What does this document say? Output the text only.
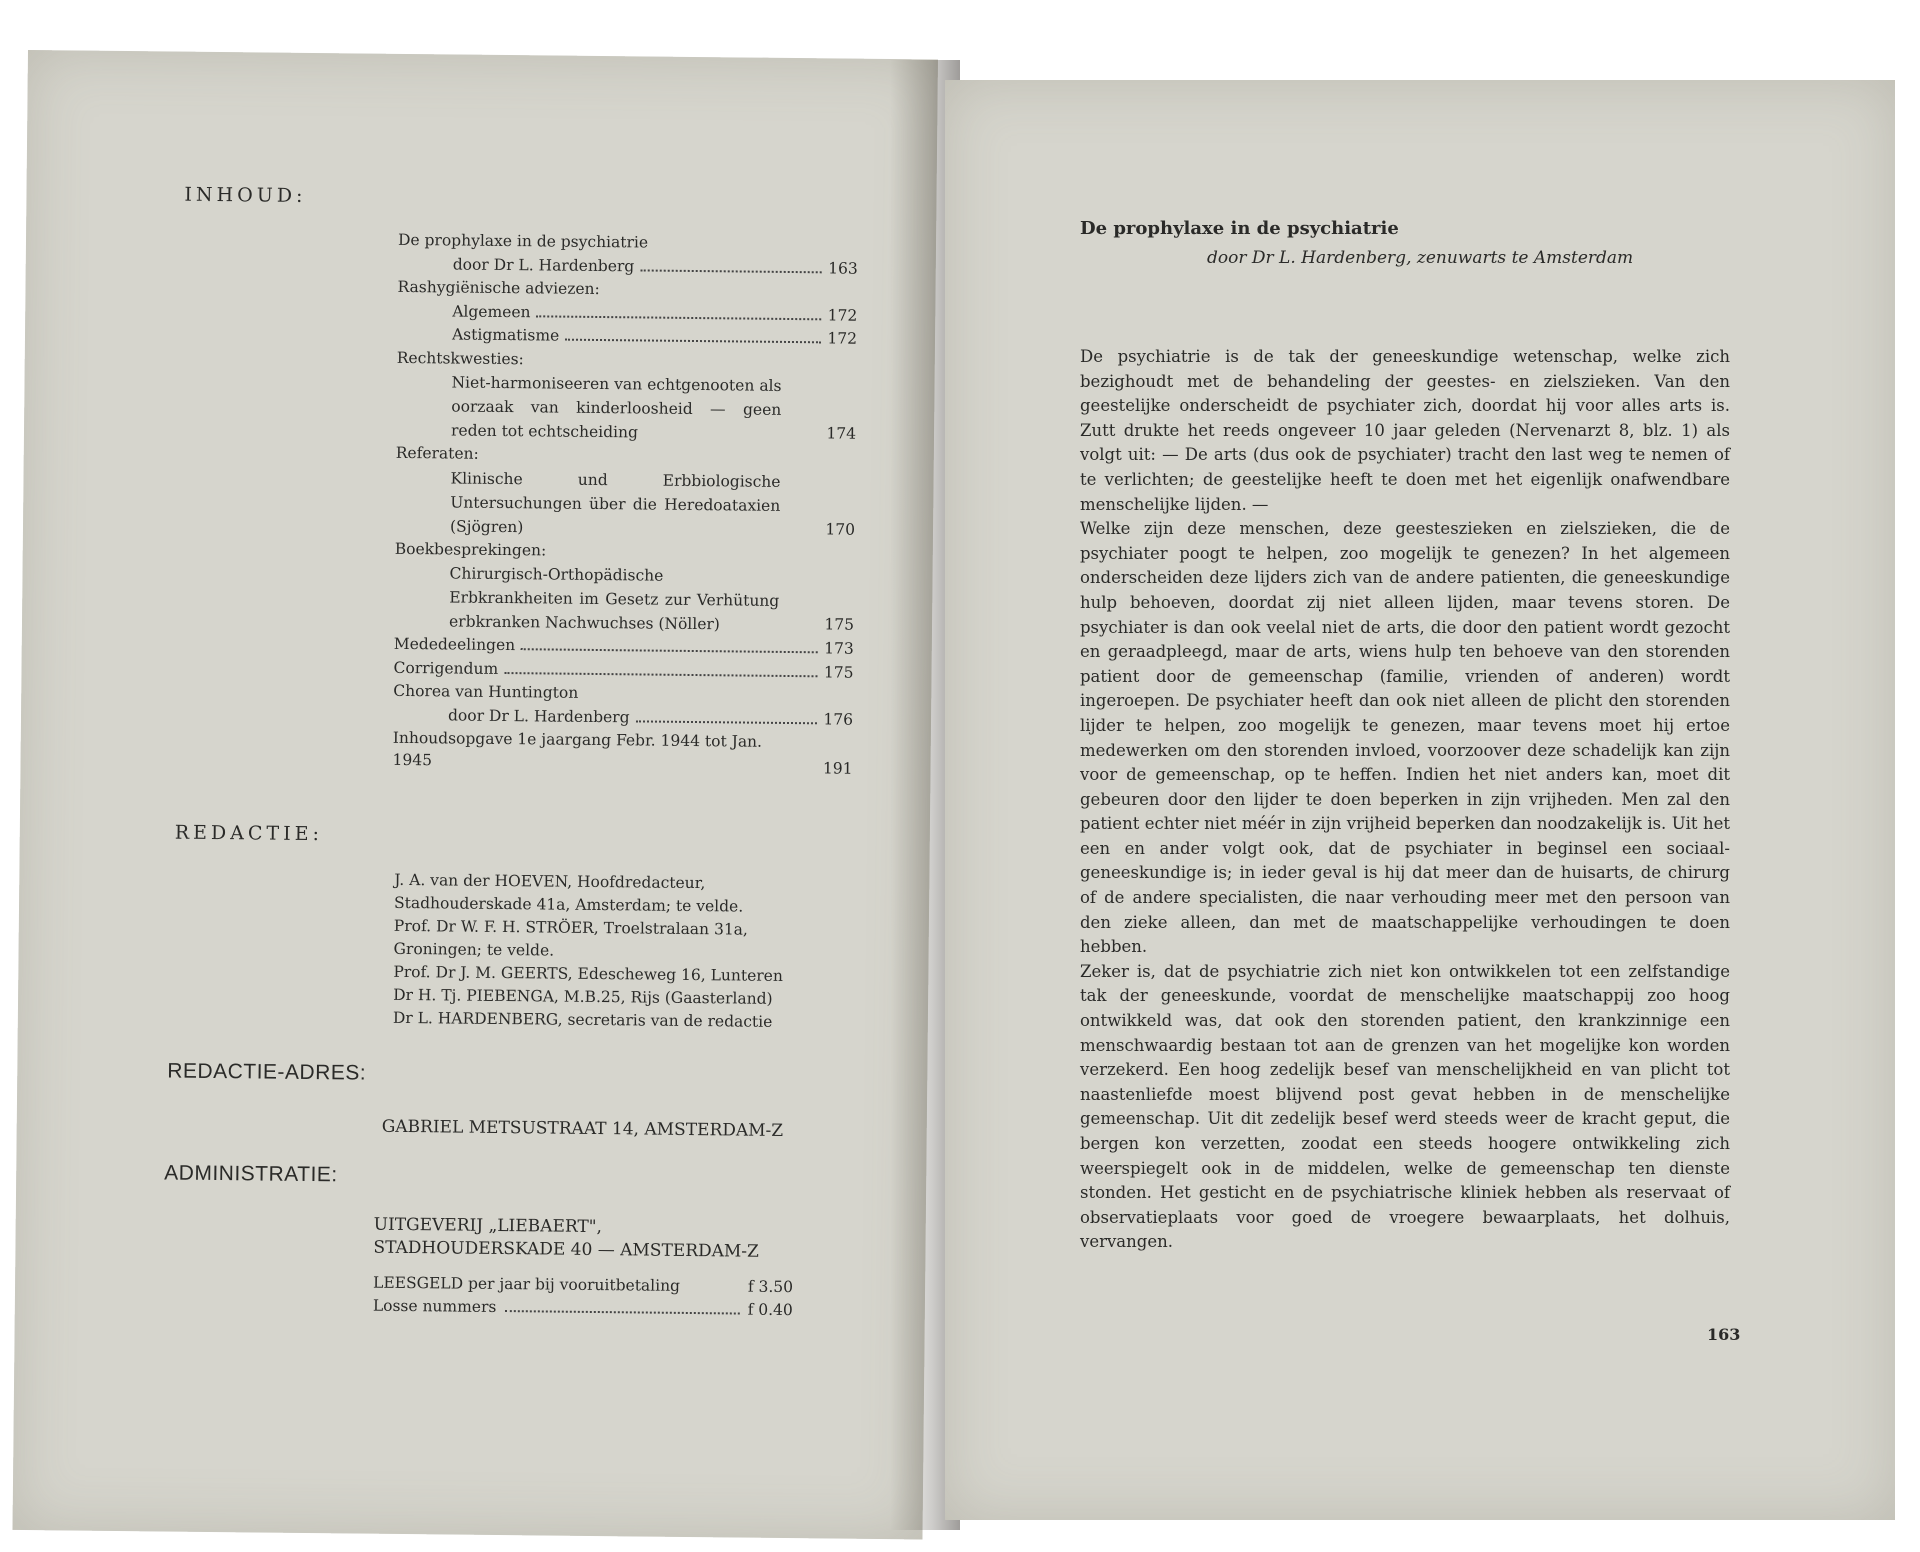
INHOUD:
De prophylaxe in de psychiatrie
door Dr L. Hardenberg	163
Rashygiënische adviezen:
Algemeen	172
Astigmatisme	172
Rechtskwesties:
Niet-harmoniseeren van echtgenooten als oorzaak van kinderloosheid — geen reden tot echtscheiding	174
Referaten:
Klinische und Erbbiologische Untersuchungen über die Heredoataxien (Sjögren)	170
Boekbesprekingen:
Chirurgisch-Orthopädische Erbkrankheiten im Gesetz zur Verhütung erbkranken Nachwuchses (Nöller)	175
Mededeelingen	173
Corrigendum	175
Chorea van Huntington
door Dr L. Hardenberg	176
Inhoudsopgave 1e jaargang Febr. 1944 tot Jan. 1945	191
REDACTIE:
J. A. van der HOEVEN, Hoofdredacteur, Stadhouderskade 41a, Amsterdam; te velde.
Prof. Dr W. F. H. STRÖER, Troelstralaan 31a, Groningen; te velde.
Prof. Dr J. M. GEERTS, Edescheweg 16, Lunteren
Dr H. Tj. PIEBENGA, M.B.25, Rijs (Gaasterland)
Dr L. HARDENBERG, secretaris van de redactie
REDACTIE-ADRES:
GABRIEL METSUSTRAAT 14, AMSTERDAM-Z
ADMINISTRATIE:
UITGEVERIJ „LIEBAERT", STADHOUDERSKADE 40 — AMSTERDAM-Z
LEESGELD per jaar bij vooruitbetaling	f 3.50
Losse nummers	f 0.40
De prophylaxe in de psychiatrie
door Dr L. Hardenberg, zenuwarts te Amsterdam

De psychiatrie is de tak der geneeskundige wetenschap, welke zich bezighoudt met de behandeling der geestes- en zielszieken. Van den geestelijke onderscheidt de psychiater zich, doordat hij voor alles arts is. Zutt drukte het reeds ongeveer 10 jaar geleden (Nervenarzt 8, blz. 1) als volgt uit: — De arts (dus ook de psychiater) tracht den last weg te nemen of te verlichten; de geestelijke heeft te doen met het eigenlijk onafwendbare menschelijke lijden. —

Welke zijn deze menschen, deze geesteszieken en zielszieken, die de psychiater poogt te helpen, zoo mogelijk te genezen? In het algemeen onderscheiden deze lijders zich van de andere patienten, die geneeskundige hulp behoeven, doordat zij niet alleen lijden, maar tevens storen. De psychiater is dan ook veelal niet de arts, die door den patient wordt gezocht en geraadpleegd, maar de arts, wiens hulp ten behoeve van den storenden patient door de gemeenschap (familie, vrienden of anderen) wordt ingeroepen. De psychiater heeft dan ook niet alleen de plicht den storenden lijder te helpen, zoo mogelijk te genezen, maar tevens moet hij ertoe medewerken om den storenden invloed, voorzoover deze schadelijk kan zijn voor de gemeenschap, op te heffen. Indien het niet anders kan, moet dit gebeuren door den lijder te doen beperken in zijn vrijheden. Men zal den patient echter niet méér in zijn vrijheid beperken dan noodzakelijk is. Uit het een en ander volgt ook, dat de psychiater in beginsel een sociaal-geneeskundige is; in ieder geval is hij dat meer dan de huisarts, de chirurg of de andere specialisten, die naar verhouding meer met den persoon van den zieke alleen, dan met de maatschappelijke verhoudingen te doen hebben.

Zeker is, dat de psychiatrie zich niet kon ontwikkelen tot een zelfstandige tak der geneeskunde, voordat de menschelijke maatschappij zoo hoog ontwikkeld was, dat ook den storenden patient, den krankzinnige een menschwaardig bestaan tot aan de grenzen van het mogelijke kon worden verzekerd. Een hoog zedelijk besef van menschelijkheid en van plicht tot naastenliefde moest blijvend post gevat hebben in de menschelijke gemeenschap. Uit dit zedelijk besef werd steeds weer de kracht geput, die bergen kon verzetten, zoodat een steeds hoogere ontwikkeling zich weerspiegelt ook in de middelen, welke de gemeenschap ten dienste stonden. Het gesticht en de psychiatrische kliniek hebben als reservaat of observatieplaats voor goed de vroegere bewaarplaats, het dolhuis, vervangen.

163
